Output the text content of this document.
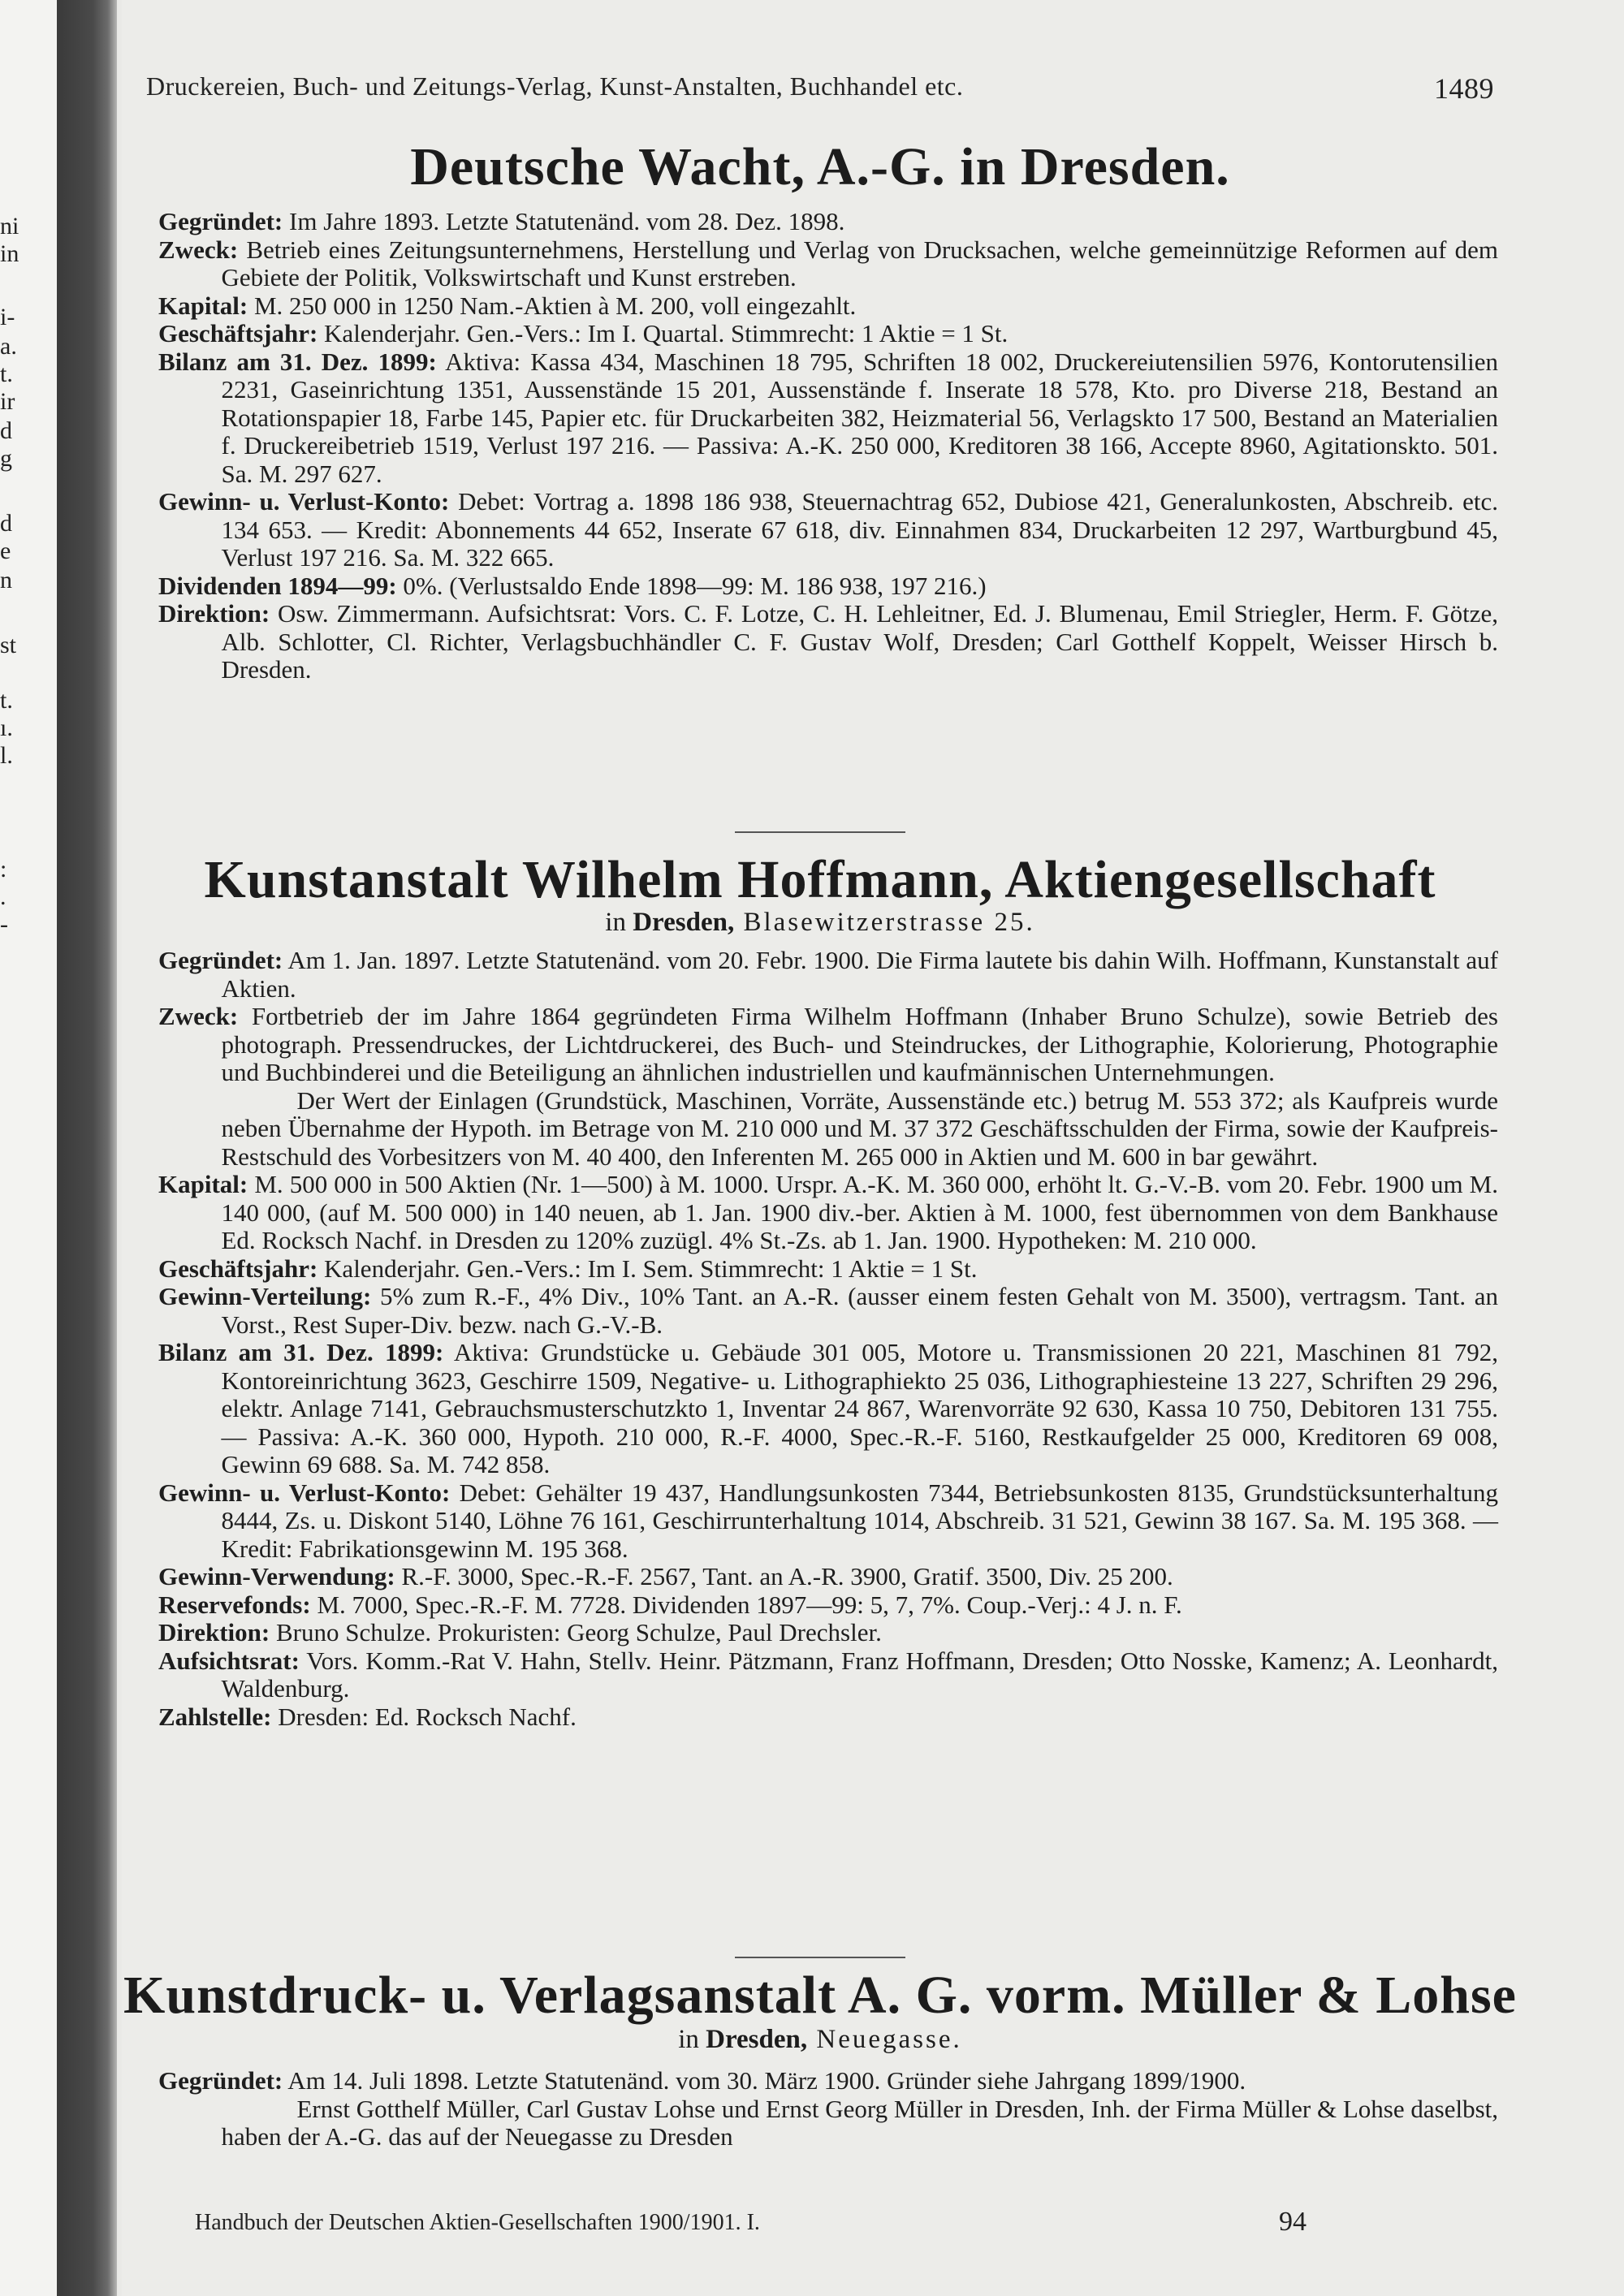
ni
in
i-
a.
t.
ir
d
g
d
e
n
st
t.
ı.
l.
:
.
-
Druckereien, Buch- und Zeitungs-Verlag, Kunst-Anstalten, Buchhandel etc.	1489
Deutsche Wacht, A.-G. in Dresden.

Gegründet: Im Jahre 1893. Letzte Statutenänd. vom 28. Dez. 1898.

Zweck: Betrieb eines Zeitungsunternehmens, Herstellung und Verlag von Drucksachen, welche gemeinnützige Reformen auf dem Gebiete der Politik, Volkswirtschaft und Kunst erstreben.

Kapital: M. 250 000 in 1250 Nam.-Aktien à M. 200, voll eingezahlt.

Geschäftsjahr: Kalenderjahr. Gen.-Vers.: Im I. Quartal. Stimmrecht: 1 Aktie = 1 St.

Bilanz am 31. Dez. 1899: Aktiva: Kassa 434, Maschinen 18 795, Schriften 18 002, Druckereiutensilien 5976, Kontorutensilien 2231, Gaseinrichtung 1351, Aussenstände 15 201, Aussenstände f. Inserate 18 578, Kto. pro Diverse 218, Bestand an Rotationspapier 18, Farbe 145, Papier etc. für Druckarbeiten 382, Heizmaterial 56, Verlagskto 17 500, Bestand an Materialien f. Druckereibetrieb 1519, Verlust 197 216. — Passiva: A.-K. 250 000, Kreditoren 38 166, Accepte 8960, Agitationskto. 501. Sa. M. 297 627.

Gewinn- u. Verlust-Konto: Debet: Vortrag a. 1898 186 938, Steuernachtrag 652, Dubiose 421, Generalunkosten, Abschreib. etc. 134 653. — Kredit: Abonnements 44 652, Inserate 67 618, div. Einnahmen 834, Druckarbeiten 12 297, Wartburgbund 45, Verlust 197 216. Sa. M. 322 665.

Dividenden 1894—99: 0%. (Verlustsaldo Ende 1898—99: M. 186 938, 197 216.)

Direktion: Osw. Zimmermann. Aufsichtsrat: Vors. C. F. Lotze, C. H. Lehleitner, Ed. J. Blumenau, Emil Striegler, Herm. F. Götze, Alb. Schlotter, Cl. Richter, Verlagsbuchhändler C. F. Gustav Wolf, Dresden; Carl Gotthelf Koppelt, Weisser Hirsch b. Dresden.

Kunstanstalt Wilhelm Hoffmann, Aktiengesellschaft
in Dresden, Blasewitzerstrasse 25.

Gegründet: Am 1. Jan. 1897. Letzte Statutenänd. vom 20. Febr. 1900. Die Firma lautete bis dahin Wilh. Hoffmann, Kunstanstalt auf Aktien.

Zweck: Fortbetrieb der im Jahre 1864 gegründeten Firma Wilhelm Hoffmann (Inhaber Bruno Schulze), sowie Betrieb des photograph. Pressendruckes, der Lichtdruckerei, des Buch- und Steindruckes, der Lithographie, Kolorierung, Photographie und Buchbinderei und die Beteiligung an ähnlichen industriellen und kaufmännischen Unternehmungen.

Der Wert der Einlagen (Grundstück, Maschinen, Vorräte, Aussenstände etc.) betrug M. 553 372; als Kaufpreis wurde neben Übernahme der Hypoth. im Betrage von M. 210 000 und M. 37 372 Geschäftsschulden der Firma, sowie der Kaufpreis-Restschuld des Vorbesitzers von M. 40 400, den Inferenten M. 265 000 in Aktien und M. 600 in bar gewährt.

Kapital: M. 500 000 in 500 Aktien (Nr. 1—500) à M. 1000. Urspr. A.-K. M. 360 000, erhöht lt. G.-V.-B. vom 20. Febr. 1900 um M. 140 000, (auf M. 500 000) in 140 neuen, ab 1. Jan. 1900 div.-ber. Aktien à M. 1000, fest übernommen von dem Bankhause Ed. Rocksch Nachf. in Dresden zu 120% zuzügl. 4% St.-Zs. ab 1. Jan. 1900. Hypotheken: M. 210 000.

Geschäftsjahr: Kalenderjahr. Gen.-Vers.: Im I. Sem. Stimmrecht: 1 Aktie = 1 St.

Gewinn-Verteilung: 5% zum R.-F., 4% Div., 10% Tant. an A.-R. (ausser einem festen Gehalt von M. 3500), vertragsm. Tant. an Vorst., Rest Super-Div. bezw. nach G.-V.-B.

Bilanz am 31. Dez. 1899: Aktiva: Grundstücke u. Gebäude 301 005, Motore u. Transmissionen 20 221, Maschinen 81 792, Kontoreinrichtung 3623, Geschirre 1509, Negative- u. Lithographiekto 25 036, Lithographiesteine 13 227, Schriften 29 296, elektr. Anlage 7141, Gebrauchsmusterschutzkto 1, Inventar 24 867, Warenvorräte 92 630, Kassa 10 750, Debitoren 131 755. — Passiva: A.-K. 360 000, Hypoth. 210 000, R.-F. 4000, Spec.-R.-F. 5160, Restkaufgelder 25 000, Kreditoren 69 008, Gewinn 69 688. Sa. M. 742 858.

Gewinn- u. Verlust-Konto: Debet: Gehälter 19 437, Handlungsunkosten 7344, Betriebsunkosten 8135, Grundstücksunterhaltung 8444, Zs. u. Diskont 5140, Löhne 76 161, Geschirrunterhaltung 1014, Abschreib. 31 521, Gewinn 38 167. Sa. M. 195 368. — Kredit: Fabrikationsgewinn M. 195 368.

Gewinn-Verwendung: R.-F. 3000, Spec.-R.-F. 2567, Tant. an A.-R. 3900, Gratif. 3500, Div. 25 200.

Reservefonds: M. 7000, Spec.-R.-F. M. 7728. Dividenden 1897—99: 5, 7, 7%. Coup.-Verj.: 4 J. n. F.

Direktion: Bruno Schulze. Prokuristen: Georg Schulze, Paul Drechsler.

Aufsichtsrat: Vors. Komm.-Rat V. Hahn, Stellv. Heinr. Pätzmann, Franz Hoffmann, Dresden; Otto Nosske, Kamenz; A. Leonhardt, Waldenburg.

Zahlstelle: Dresden: Ed. Rocksch Nachf.

Kunstdruck- u. Verlagsanstalt A. G. vorm. Müller & Lohse
in Dresden, Neuegasse.

Gegründet: Am 14. Juli 1898. Letzte Statutenänd. vom 30. März 1900. Gründer siehe Jahrgang 1899/1900.

Ernst Gotthelf Müller, Carl Gustav Lohse und Ernst Georg Müller in Dresden, Inh. der Firma Müller & Lohse daselbst, haben der A.-G. das auf der Neuegasse zu Dresden

Handbuch der Deutschen Aktien-Gesellschaften 1900/1901. I.	94
